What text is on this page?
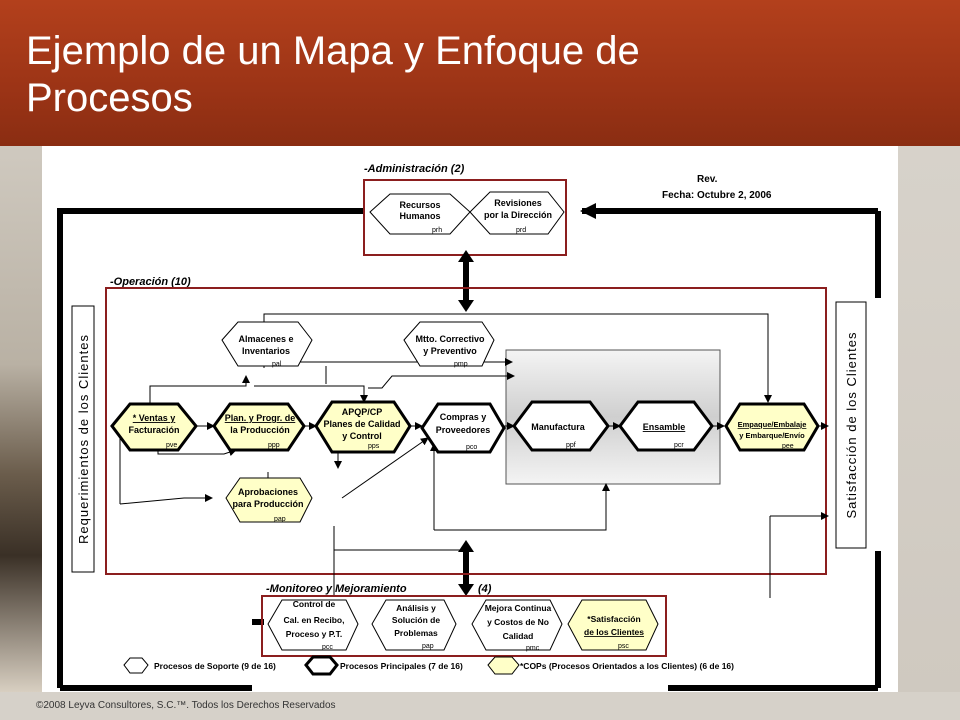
Ejemplo de un Mapa y Enfoque de
Procesos
Rev.
Fecha: Octubre 2, 2006
-Administración (2)
Recursos
Humanos
prh
Revisiones
por la Dirección
prd
-Operación (10)
Requerimientos de los Clientes	Satisfacción de los Clientes
Almacenes e
Inventarios
pal
Mtto. Correctivo
y Preventivo
pmp
Aprobaciones
para Producción
pap
* Ventas y
Facturación
pve
Plan. y Progr. de
la Producción
ppp
APQP/CP
Planes de Calidad
y Control
pps
Compras y
Proveedores
pco
Manufactura
ppf
Ensamble
pcr
Empaque/Embalaje
y Embarque/Envío
pee
-Monitoreo y Mejoramiento	(4)
Control de
Cal. en Recibo,
Proceso y P.T.
pcc
Análisis y
Solución de
Problemas
pap
Mejora Continua
y Costos de No
Calidad
pmc
*Satisfacción
de los Clientes
psc
Procesos de Soporte (9 de 16)	Procesos Principales (7 de 16)	*COPs (Procesos Orientados a los Clientes) (6 de 16)
©2008 Leyva Consultores, S.C.™. Todos los Derechos Reservados
